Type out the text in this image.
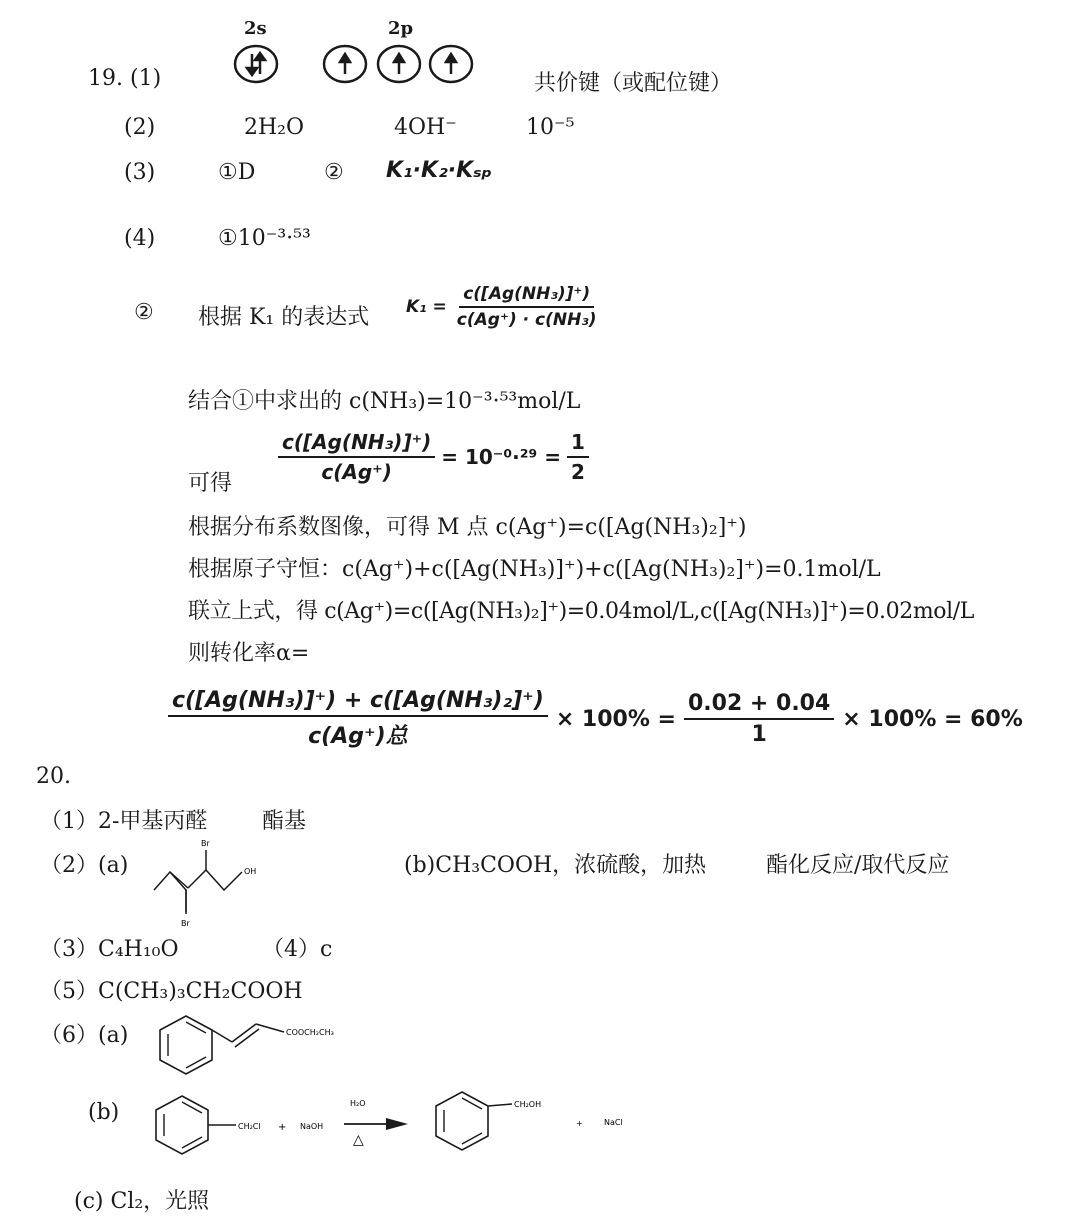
19. (1)
2s	2p
共价键（或配位键）
(2)	2H₂O	4OH⁻	10⁻⁵
(3)	①D	② K₁·K₂·Kₛₚ
(4)	①10⁻³·⁵³
② 根据 K₁ 的表达式 $K_1 = \frac{\text{c([Ag(NH₃)]⁺)}}{\text{c(Ag⁺) · c(NH₃)}}$
结合①中求出的 c(NH₃)=10⁻³·⁵³mol/L
可得 $\frac{\text{c([Ag(NH₃)]⁺)}}{c(Ag^+)} = 10^{-0}\cdot^{29} = \frac{1}{2}$
根据分布系数图像，可得 M 点 c(Ag⁺)=c([Ag(NH₃)₂]⁺)
根据原子守恒：c(Ag⁺)+c([Ag(NH₃)]⁺)+c([Ag(NH₃)₂]⁺)=0.1mol/L
联立上式，得 c(Ag⁺)=c([Ag(NH₃)₂]⁺)=0.04mol/L,c([Ag(NH₃)]⁺)=0.02mol/L
则转化率α=
$\frac{\text{c([Ag(NH₃)]⁺) + c([Ag(NH₃)₂]⁺)}}{\text{c(Ag⁺)总}} \times 100\% = \frac{0.02 + 0.04}{1} \times 100\% = 60\%$
20.
（1）2-甲基丙醛 酯基
（2）(a)
Br
Br
OH	(b)CH₃COOH，浓硫酸，加热	酯化反应/取代反应
（3）C₄H₁₀O	（4）c
（5）C(CH₃)₃CH₂COOH
（6）(a)	COOCH₂CH₃
(b)
CH₂Cl + NaOH
H₂O
△
CH₂OH
+	NaCl
(c) Cl₂，光照
